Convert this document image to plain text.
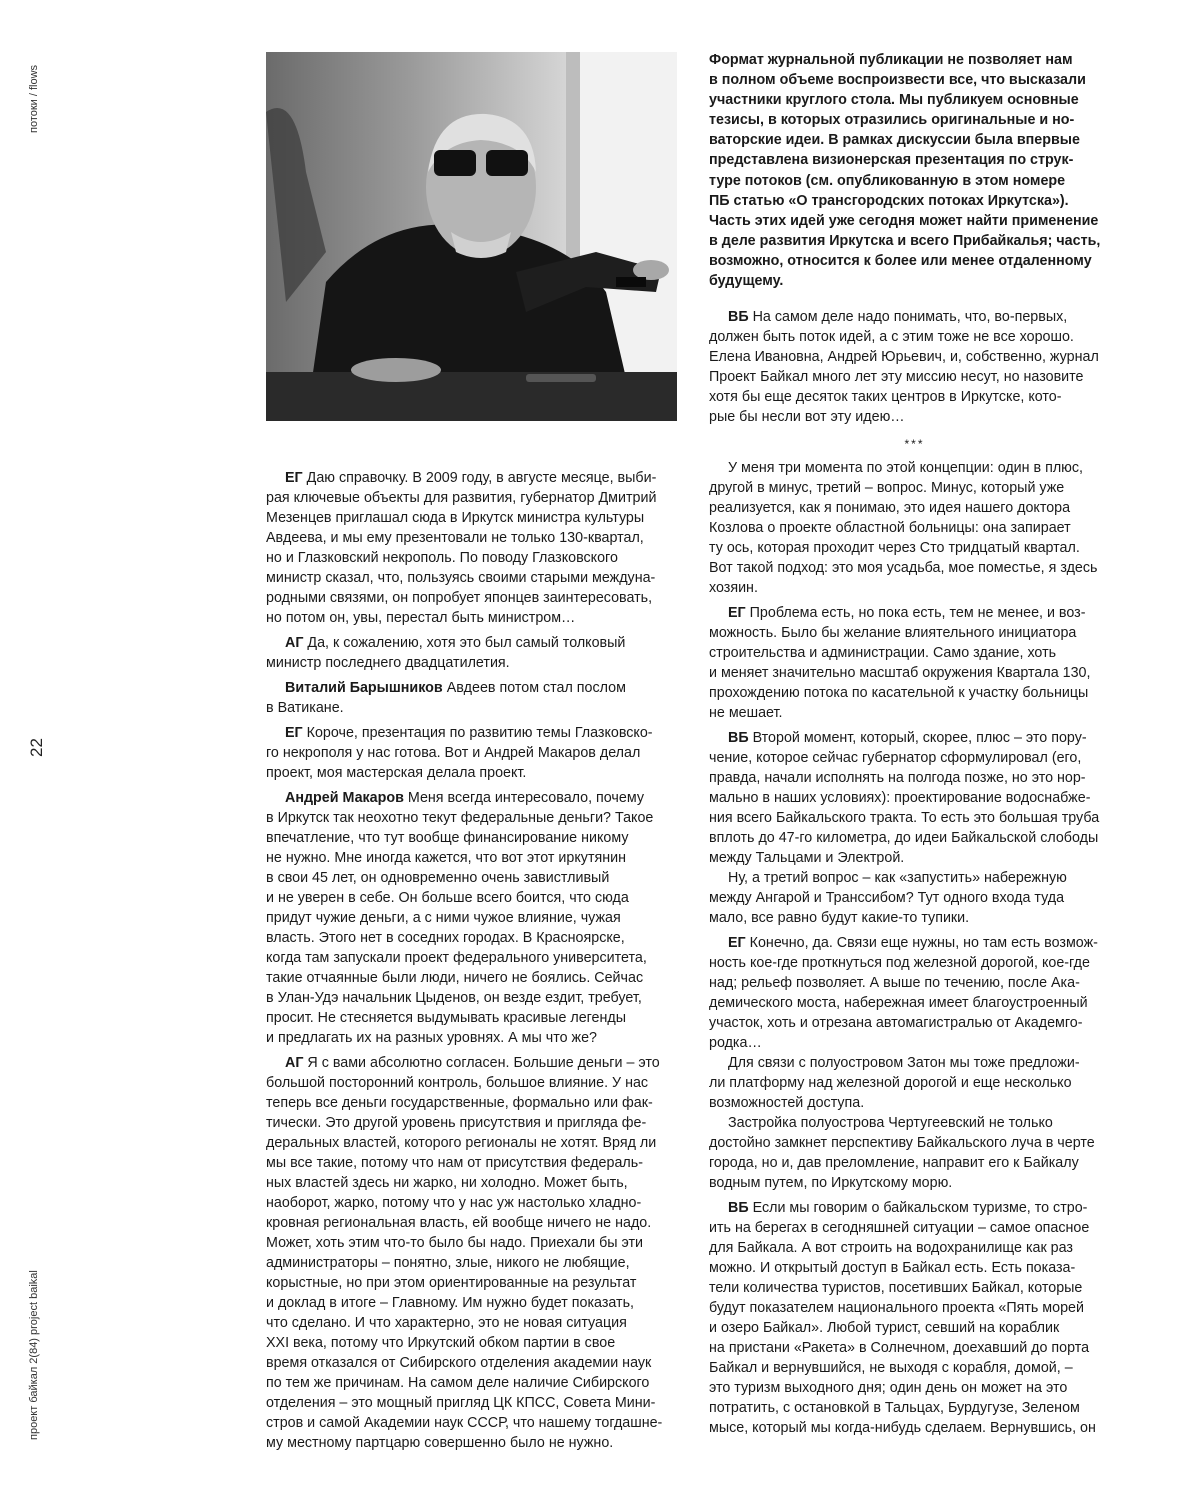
потоки / flows
22
проект байкал 2(84) project baikal
ЕГ Даю справочку. В 2009 году, в августе месяце, выби-
рая ключевые объекты для развития, губернатор Дмитрий
Мезенцев приглашал сюда в Иркутск министра культуры
Авдеева, и мы ему презентовали не только 130-квартал,
но и Глазковский некрополь. По поводу Глазковского
министр сказал, что, пользуясь своими старыми междуна-
родными связями, он попробует японцев заинтересовать,
но потом он, увы, перестал быть министром…
АГ Да, к сожалению, хотя это был самый толковый
министр последнего двадцатилетия.
Виталий Барышников Авдеев потом стал послом
в Ватикане.
ЕГ Короче, презентация по развитию темы Глазковско-
го некрополя у нас готова. Вот и Андрей Макаров делал
проект, моя мастерская делала проект.
Андрей Макаров Меня всегда интересовало, почему
в Иркутск так неохотно текут федеральные деньги? Такое
впечатление, что тут вообще финансирование никому
не нужно. Мне иногда кажется, что вот этот иркутянин
в свои 45 лет, он одновременно очень завистливый
и не уверен в себе. Он больше всего боится, что сюда
придут чужие деньги, а с ними чужое влияние, чужая
власть. Этого нет в соседних городах. В Красноярске,
когда там запускали проект федерального университета,
такие отчаянные были люди, ничего не боялись. Сейчас
в Улан-Удэ начальник Цыденов, он везде ездит, требует,
просит. Не стесняется выдумывать красивые легенды
и предлагать их на разных уровнях. А мы что же?
АГ Я с вами абсолютно согласен. Большие деньги – это
большой посторонний контроль, большое влияние. У нас
теперь все деньги государственные, формально или фак-
тически. Это другой уровень присутствия и пригляда фе-
деральных властей, которого регионалы не хотят. Вряд ли
мы все такие, потому что нам от присутствия федераль-
ных властей здесь ни жарко, ни холодно. Может быть,
наоборот, жарко, потому что у нас уж настолько хладно-
кровная региональная власть, ей вообще ничего не надо.
Может, хоть этим что-то было бы надо. Приехали бы эти
администраторы – понятно, злые, никого не любящие,
корыстные, но при этом ориентированные на результат
и доклад в итоге – Главному. Им нужно будет показать,
что сделано. И что характерно, это не новая ситуация
XXI века, потому что Иркутский обком партии в свое
время отказался от Сибирского отделения академии наук
по тем же причинам. На самом деле наличие Сибирского
отделения – это мощный пригляд ЦК КПСС, Совета Мини-
стров и самой Академии наук СССР, что нашему тогдашне-
му местному партцарю совершенно было не нужно.
Формат журнальной публикации не позволяет нам
в полном объеме воспроизвести все, что высказали
участники круглого стола. Мы публикуем основные
тезисы, в которых отразились оригинальные и но-
ваторские идеи. В рамках дискуссии была впервые
представлена визионерская презентация по струк-
туре потоков (см. опубликованную в этом номере
ПБ статью «О трансгородских потоках Иркутска»).
Часть этих идей уже сегодня может найти применение
в деле развития Иркутска и всего Прибайкалья; часть,
возможно, относится к более или менее отдаленному
будущему.
ВБ На самом деле надо понимать, что, во-первых,
должен быть поток идей, а с этим тоже не все хорошо.
Елена Ивановна, Андрей Юрьевич, и, собственно, журнал
Проект Байкал много лет эту миссию несут, но назовите
хотя бы еще десяток таких центров в Иркутске, кото-
рые бы несли вот эту идею…
***
У меня три момента по этой концепции: один в плюс,
другой в минус, третий – вопрос. Минус, который уже
реализуется, как я понимаю, это идея нашего доктора
Козлова о проекте областной больницы: она запирает
ту ось, которая проходит через Сто тридцатый квартал.
Вот такой подход: это моя усадьба, мое поместье, я здесь
хозяин.
ЕГ Проблема есть, но пока есть, тем не менее, и воз-
можность. Было бы желание влиятельного инициатора
строительства и администрации. Само здание, хоть
и меняет значительно масштаб окружения Квартала 130,
прохождению потока по касательной к участку больницы
не мешает.
ВБ Второй момент, который, скорее, плюс – это пору-
чение, которое сейчас губернатор сформулировал (его,
правда, начали исполнять на полгода позже, но это нор-
мально в наших условиях): проектирование водоснабже-
ния всего Байкальского тракта. То есть это большая труба
вплоть до 47-го километра, до идеи Байкальской слободы
между Тальцами и Электрой.
Ну, а третий вопрос – как «запустить» набережную
между Ангарой и Транссибом? Тут одного входа туда
мало, все равно будут какие-то тупики.
ЕГ Конечно, да. Связи еще нужны, но там есть возмож-
ность кое-где проткнуться под железной дорогой, кое-где
над; рельеф позволяет. А выше по течению, после Ака-
демического моста, набережная имеет благоустроенный
участок, хоть и отрезана автомагистралью от Академго-
родка…
Для связи с полуостровом Затон мы тоже предложи-
ли платформу над железной дорогой и еще несколько
возможностей доступа.
Застройка полуострова Чертугеевский не только
достойно замкнет перспективу Байкальского луча в черте
города, но и, дав преломление, направит его к Байкалу
водным путем, по Иркутскому морю.
ВБ Если мы говорим о байкальском туризме, то стро-
ить на берегах в сегодняшней ситуации – самое опасное
для Байкала. А вот строить на водохранилище как раз
можно. И открытый доступ в Байкал есть. Есть показа-
тели количества туристов, посетивших Байкал, которые
будут показателем национального проекта «Пять морей
и озеро Байкал». Любой турист, севший на кораблик
на пристани «Ракета» в Солнечном, доехавший до порта
Байкал и вернувшийся, не выходя с корабля, домой, –
это туризм выходного дня; один день он может на это
потратить, с остановкой в Тальцах, Бурдугузе, Зеленом
мысе, который мы когда-нибудь сделаем. Вернувшись, он
